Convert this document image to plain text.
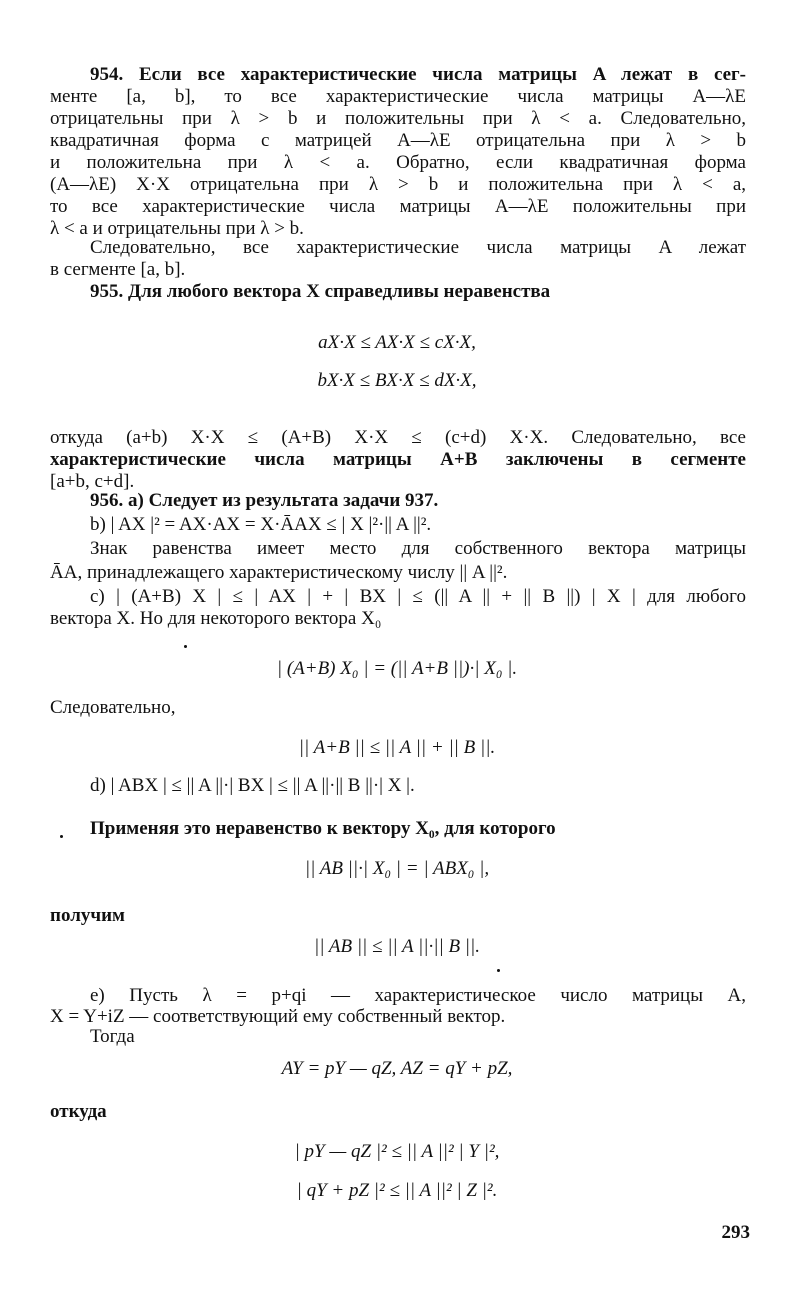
954. Если все характеристические числа матрицы A лежат в сег-
менте [a, b], то все характеристические числа матрицы A—λE
отрицательны при λ > b и положительны при λ < a. Следовательно,
квадратичная форма с матрицей A—λE отрицательна при λ > b
и положительна при λ < a. Обратно, если квадратичная форма
(A—λE) X·X отрицательна при λ > b и положительна при λ < a,
то все характеристические числа матрицы A—λE положительны при
λ < a и отрицательны при λ > b.
Следовательно, все характеристические числа матрицы A лежат
в сегменте [a, b].
955. Для любого вектора X справедливы неравенства
aX·X ≤ AX·X ≤ cX·X,
bX·X ≤ BX·X ≤ dX·X,
откуда (a+b) X·X ≤ (A+B) X·X ≤ (c+d) X·X. Следовательно, все
характеристические числа матрицы A+B заключены в сегменте
[a+b, c+d].
956. a) Следует из результата задачи 937.
b) | AX |² = AX·AX = X·ĀAX ≤ | X |²·|| A ||².
Знак равенства имеет место для собственного вектора матрицы
ĀA, принадлежащего характеристическому числу || A ||².
c) | (A+B) X | ≤ | AX | + | BX | ≤ (|| A || + || B ||) | X | для любого
вектора X. Но для некоторого вектора X₀
| (A+B) X₀ | = (|| A+B ||)·| X₀ |.
Следовательно,
|| A+B || ≤ || A || + || B ||.
d) | ABX | ≤ || A ||·| BX | ≤ || A ||·|| B ||·| X |.
Применяя это неравенство к вектору X₀, для которого
|| AB ||·| X₀ | = | ABX₀ |,
получим
|| AB || ≤ || A ||·|| B ||.
e) Пусть λ = p+qi — характеристическое число матрицы A,
X = Y+iZ — соответствующий ему собственный вектор.
Тогда
AY = pY — qZ, AZ = qY + pZ,
откуда
| pY — qZ |² ≤ || A ||² | Y |²,
| qY + pZ |² ≤ || A ||² | Z |².
293
